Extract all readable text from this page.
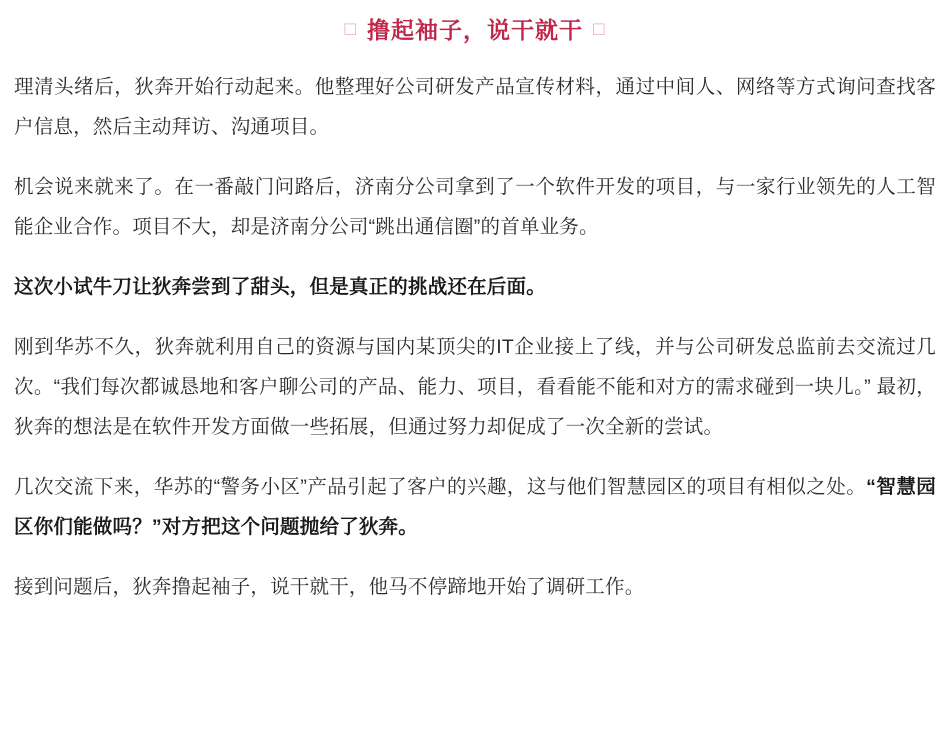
□ 撸起袖子，说干就干 □

理清头绪后，狄奔开始行动起来。他整理好公司研发产品宣传材料，通过中间人、网络等方式询问查找客户信息，然后主动拜访、沟通项目。

机会说来就来了。在一番敲门问路后，济南分公司拿到了一个软件开发的项目，与一家行业领先的人工智能企业合作。项目不大，却是济南分公司“跳出通信圈”的首单业务。

这次小试牛刀让狄奔尝到了甜头，但是真正的挑战还在后面。

刚到华苏不久，狄奔就利用自己的资源与国内某顶尖的IT企业接上了线，并与公司研发总监前去交流过几次。“我们每次都诚恳地和客户聊公司的产品、能力、项目，看看能不能和对方的需求碰到一块儿。” 最初，狄奔的想法是在软件开发方面做一些拓展，但通过努力却促成了一次全新的尝试。

几次交流下来，华苏的“警务小区”产品引起了客户的兴趣，这与他们智慧园区的项目有相似之处。“智慧园区你们能做吗？”对方把这个问题抛给了狄奔。

接到问题后，狄奔撸起袖子，说干就干，他马不停蹄地开始了调研工作。
